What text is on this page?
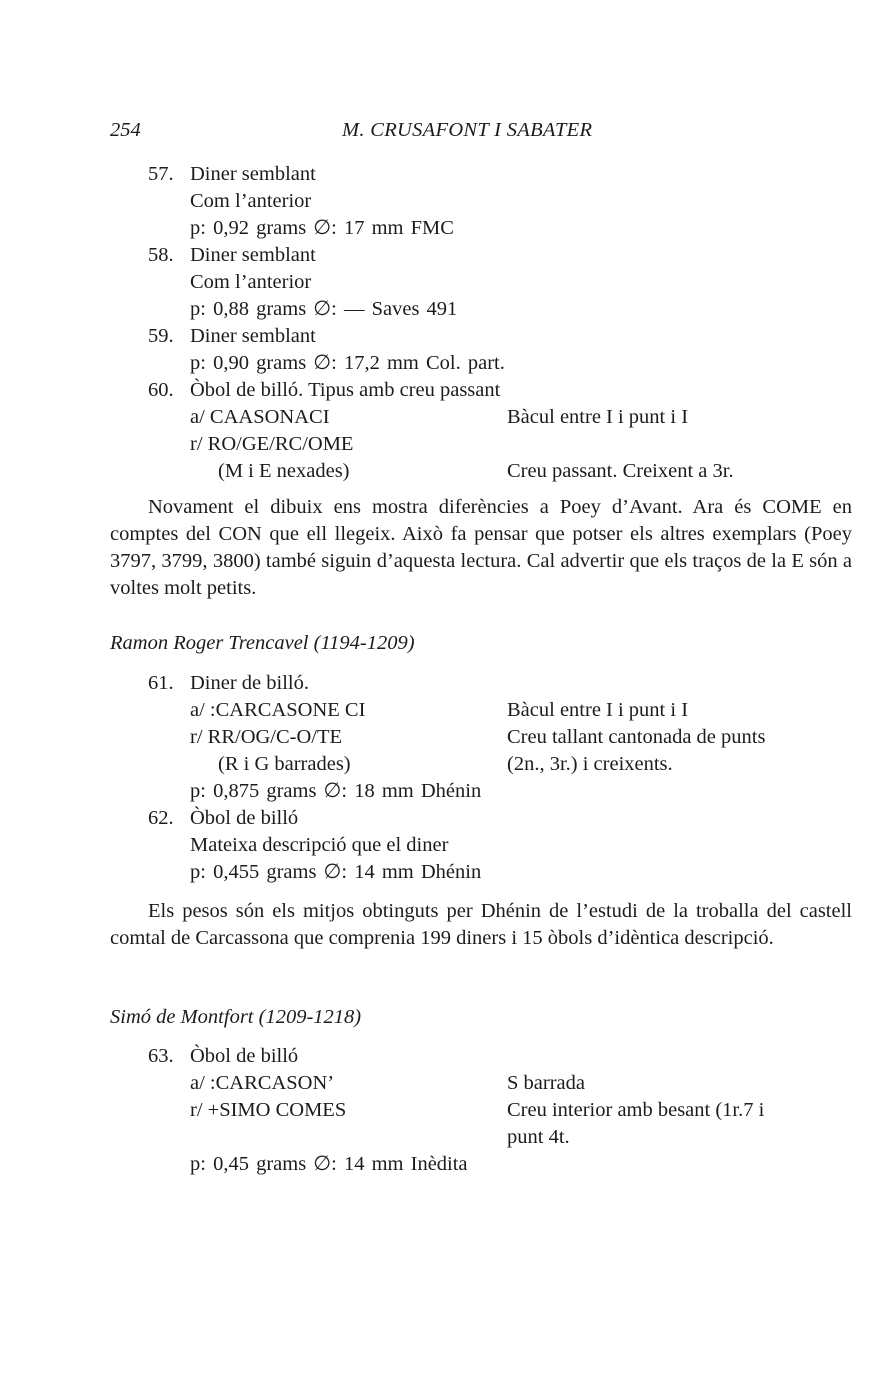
254	M. CRUSAFONT I SABATER
57. Diner semblant
Com l’anterior
p: 0,92 grams ∅: 17 mm FMC
58. Diner semblant
Com l’anterior
p: 0,88 grams ∅: — Saves 491
59. Diner semblant
p: 0,90 grams ∅: 17,2 mm Col. part.
60. Òbol de billó. Tipus amb creu passant
a/ CAASONACI	Bàcul entre I i punt i I
r/ RO/GE/RC/OME
(M i E nexades)	Creu passant. Creixent a 3r.

Novament el dibuix ens mostra diferències a Poey d’Avant. Ara és COME en comptes del CON que ell llegeix. Això fa pensar que potser els altres exemplars (Poey 3797, 3799, 3800) també siguin d’aquesta lectura. Cal advertir que els traços de la E són a voltes molt petits.

Ramon Roger Trencavel (1194-1209)
61. Diner de billó.
a/ :CARCASONE CI	Bàcul entre I i punt i I
r/ RR/OG/C-O/TE	Creu tallant cantonada de punts
(R i G barrades)	(2n., 3r.) i creixents.
p: 0,875 grams ∅: 18 mm Dhénin
62. Òbol de billó
Mateixa descripció que el diner
p: 0,455 grams ∅: 14 mm Dhénin

Els pesos són els mitjos obtinguts per Dhénin de l’estudi de la troballa del castell comtal de Carcassona que comprenia 199 diners i 15 òbols d’idèntica descripció.

Simó de Montfort (1209-1218)
63. Òbol de billó
a/ :CARCASON’	S barrada
r/ +SIMO COMES	Creu interior amb besant (1r.7 i
punt 4t.
p: 0,45 grams ∅: 14 mm Inèdita
